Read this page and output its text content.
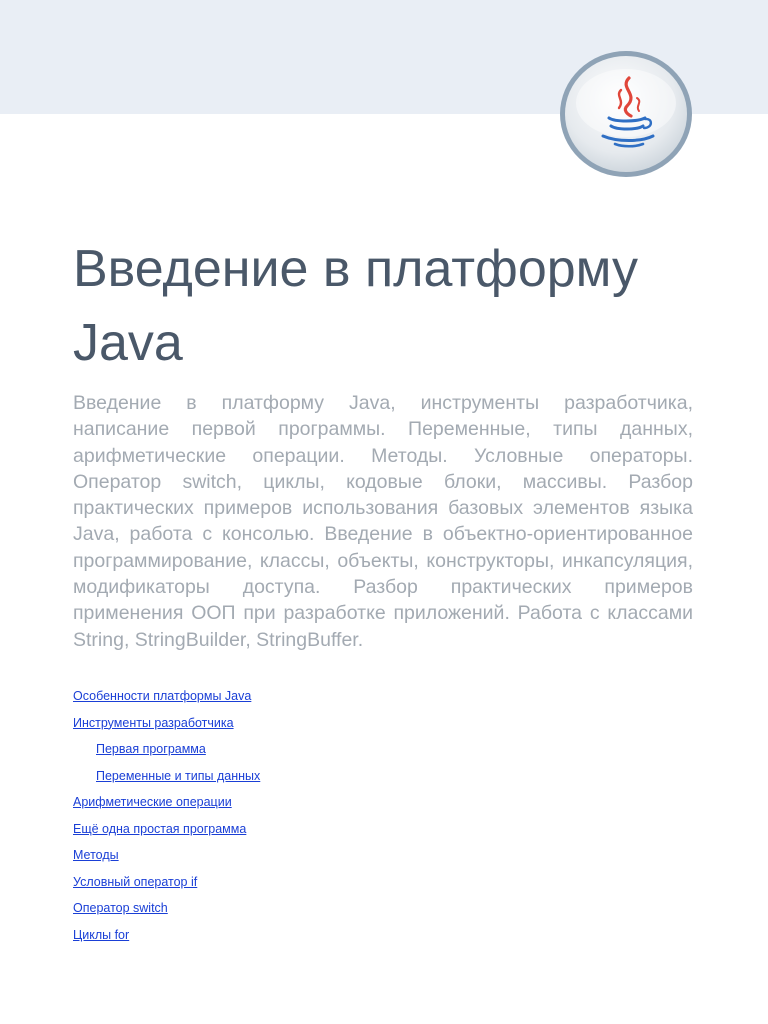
Введение в платформу
Java

Введение в платформу Java, инструменты разработчика, написание первой программы. Переменные, типы данных, арифметические операции. Методы. Условные операторы. Оператор switch, циклы, кодовые блоки, массивы. Разбор практических примеров использования базовых элементов языка Java, работа с консолью. Введение в объектно-ориентированное программирование, классы, объекты, конструкторы, инкапсуляция, модификаторы доступа. Разбор практических примеров применения ООП при разработке приложений. Работа с классами String, StringBuilder, StringBuffer.

Особенности платформы Java
Инструменты разработчика
Первая программа
Переменные и типы данных
Арифметические операции
Ещё одна простая программа
Методы
Условный оператор if
Оператор switch
Циклы for
